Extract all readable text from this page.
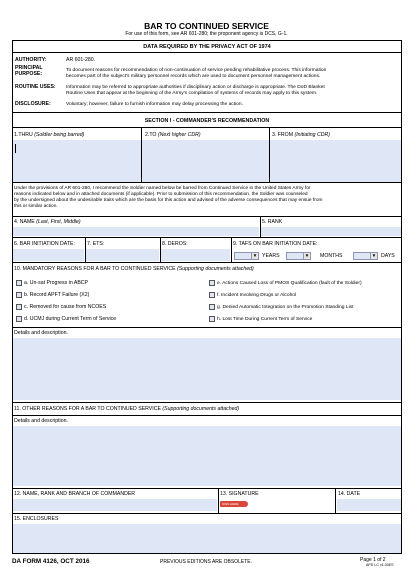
BAR TO CONTINUED SERVICE
For use of this form, see AR 601-280; the proponent agency is DCS, G-1.
DATA REQUIRED BY THE PRIVACY ACT OF 1974
AUTHORITY:	AR 601-280.
PRINCIPAL
PURPOSE:
To document reasons for recommendation of non-continuation of service pending rehabilitative process. This information
becomes part of the subject's military personnel records which are used to document personnel management actions.
ROUTINE USES: Information may be referred to appropriate authorities if disciplinary action or discharge is appropriate. The DoD Blanket
Routine Uses that appear at the beginning of the Army's compilation of systems of records may apply to this system.
DISCLOSURE:	Voluntary; however, failure to furnish information may delay processing the action.
SECTION I - COMMANDER'S RECOMMENDATION
1.THRU (Soldier being barred)	2.TO (Next higher CDR)	3. FROM (Initiating CDR)
Under the provisions of AR 601-280, I recommend the Soldier named below be barred from Continued Service in the United States Army for
reasons indicated below and in attached documents (if applicable). Prior to submission of this recommendation, the Soldier was counseled
by the undersigned about the undesirable traits which are the basis for this action and advised of the adverse consequences that may ensue from
this or similar action.
4. NAME (Last, First, Middle)	5. RANK
6. BAR INITIATION DATE: 7. ETS:	8. DEROS:	9. TAFS ON BAR INITIATION DATE:
▼ YEARS	▼ MONTHS	▼ DAYS
10. MANDATORY REASONS FOR A BAR TO CONTINUED SERVICE (Supporting documents attached)
a. Un-sat Progress in ABCP
b. Record APFT Failure (X2)
c. Removed for cause from NCOES
d. UCMJ during Current Term of Service
e. Actions Caused Loss of PMOS Qualification (fault of the Soldier)
f. Incident Involving Drugs or Alcohol
g. Denied Automatic Integration on the Promotion Standing List
h. Lost Time During Current Term of Service
Details and description.
11. OTHER REASONS FOR A BAR TO CONTINUED SERVICE (Supporting documents attached)
Details and description.
12. NAME, RANK AND BRANCH OF COMMANDER	13. SIGNATURE	14. DATE
SIGN HERE
15. ENCLOSURES
DA FORM 4126, OCT 2016	PREVIOUS EDITIONS ARE OBSOLETE.	Page 1 of 2
APD LC v1.00ES
